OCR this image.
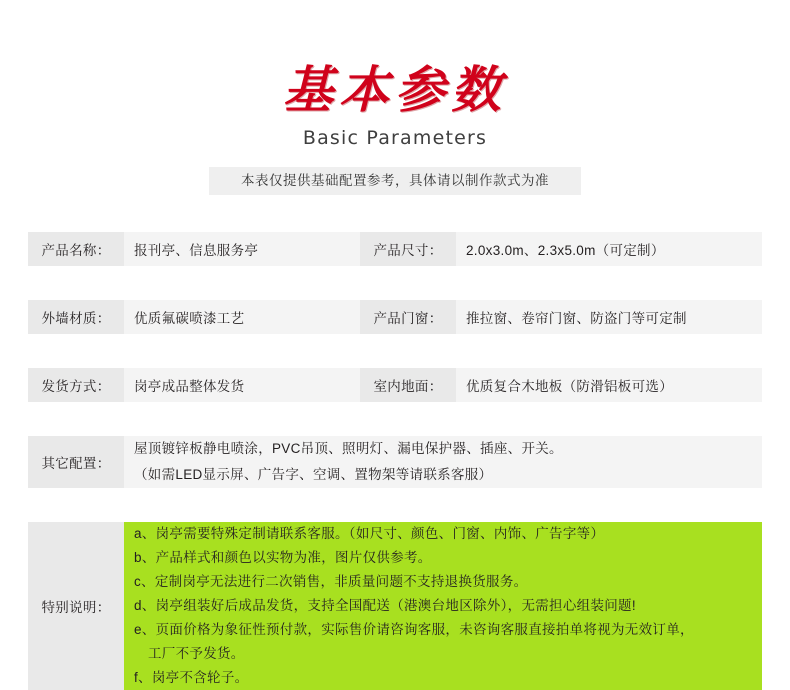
基本参数
Basic Parameters
本表仅提供基础配置参考，具体请以制作款式为准
产品名称：	报刊亭、信息服务亭	产品尺寸：	2.0x3.0m、2.3x5.0m（可定制）

外墙材质：	优质氟碳喷漆工艺	产品门窗：	推拉窗、卷帘门窗、防盗门等可定制

发货方式：	岗亭成品整体发货	室内地面：	优质复合木地板（防滑铝板可选）

其它配置：	屋顶镀锌板静电喷涂，PVC吊顶、照明灯、漏电保护器、插座、开关。
（如需LED显示屏、广告字、空调、置物架等请联系客服）		

特别说明：	
a、岗亭需要特殊定制请联系客服。（如尺寸、颜色、门窗、内饰、广告字等）
b、产品样式和颜色以实物为准，图片仅供参考。
c、定制岗亭无法进行二次销售，非质量问题不支持退换货服务。
d、岗亭组装好后成品发货，支持全国配送（港澳台地区除外），无需担心组装问题!
e、页面价格为象征性预付款，实际售价请咨询客服，未咨询客服直接拍单将视为无效订单，
工厂不予发货。
f、岗亭不含轮子。
